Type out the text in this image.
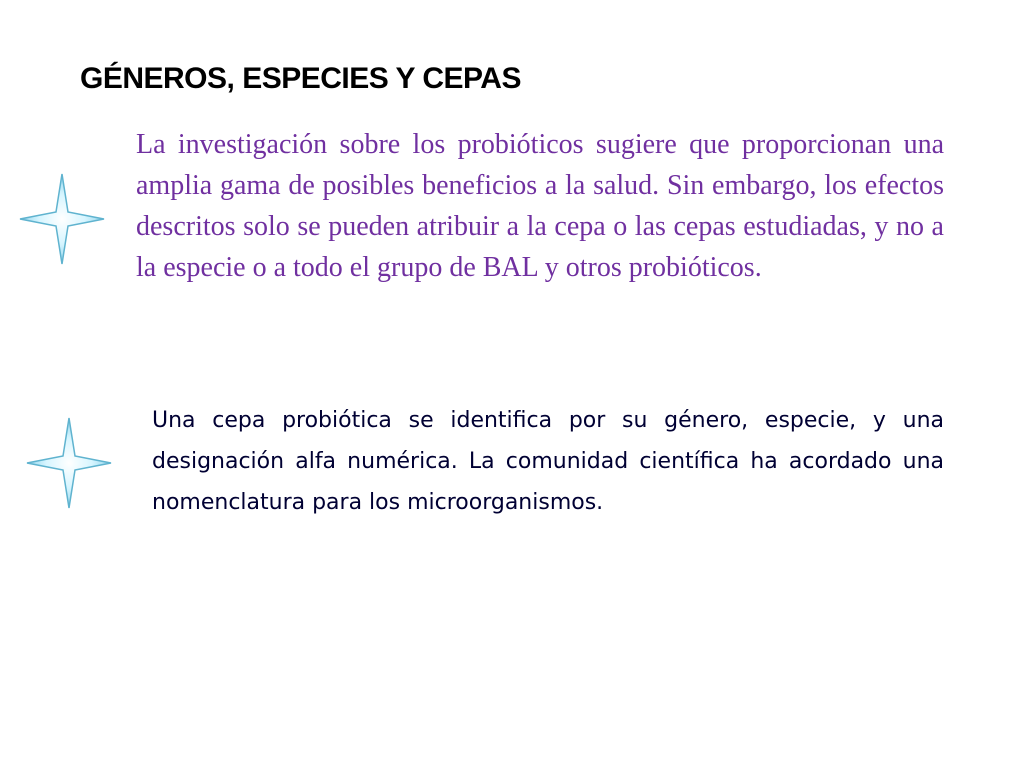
GÉNEROS, ESPECIES Y CEPAS

La investigación sobre los probióticos sugiere que proporcionan una amplia gama de posibles beneficios a la salud. Sin embargo, los efectos descritos solo se pueden atribuir a la cepa o las cepas estudiadas, y no a la especie o a todo el grupo de BAL y otros probióticos.

Una cepa probiótica se identifica por su género, especie, y una designación alfa numérica. La comunidad científica ha acordado una nomenclatura para los microorganismos.
